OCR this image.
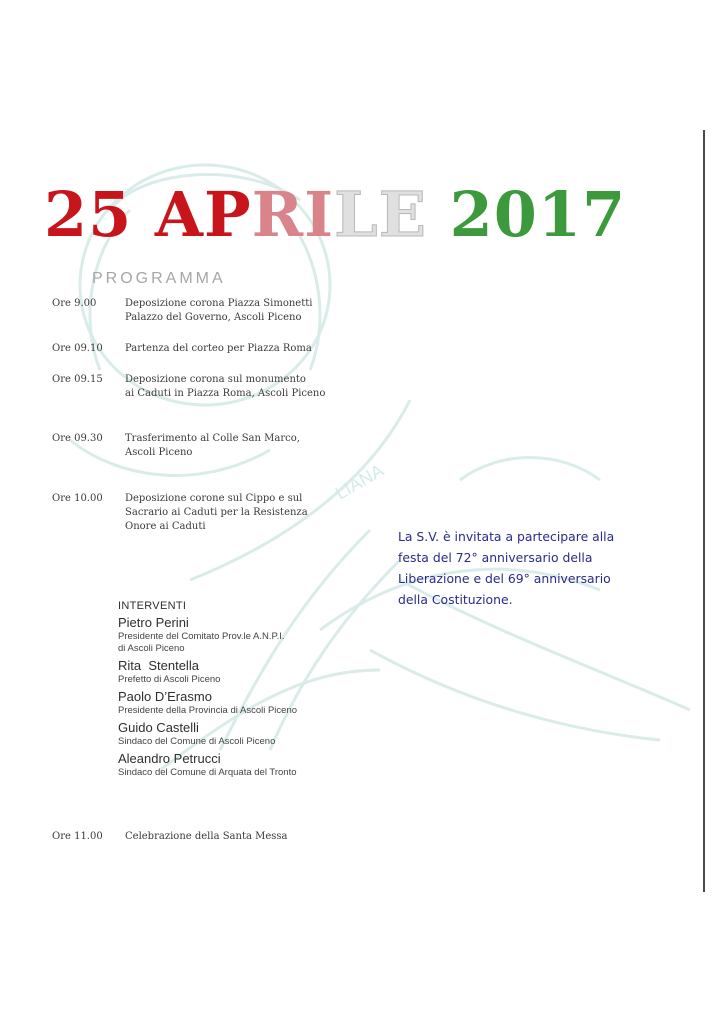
LIANA
25 APRILE 2017
PROGRAMMA
Ore 9.00	Deposizione corona Piazza Simonetti
Palazzo del Governo, Ascoli Piceno
Ore 09.10	Partenza del corteo per Piazza Roma
Ore 09.15	Deposizione corona sul monumento
ai Caduti in Piazza Roma, Ascoli Piceno
Ore 09.30	Trasferimento al Colle San Marco,
Ascoli Piceno
Ore 10.00	Deposizione corone sul Cippo e sul
Sacrario ai Caduti per la Resistenza
Onore ai Caduti
Ore 11.00	Celebrazione della Santa Messa
La S.V. è invitata a partecipare alla
festa del 72° anniversario della
Liberazione e del 69° anniversario
della Costituzione.
INTERVENTI
Pietro Perini
Presidente del Comitato Prov.le A.N.P.I.
di Ascoli Piceno
Rita  Stentella
Prefetto di Ascoli Piceno
Paolo D’Erasmo
Presidente della Provincia di Ascoli Piceno
Guido Castelli
Sindaco del Comune di Ascoli Piceno
Aleandro Petrucci
Sindaco del Comune di Arquata del Tronto
